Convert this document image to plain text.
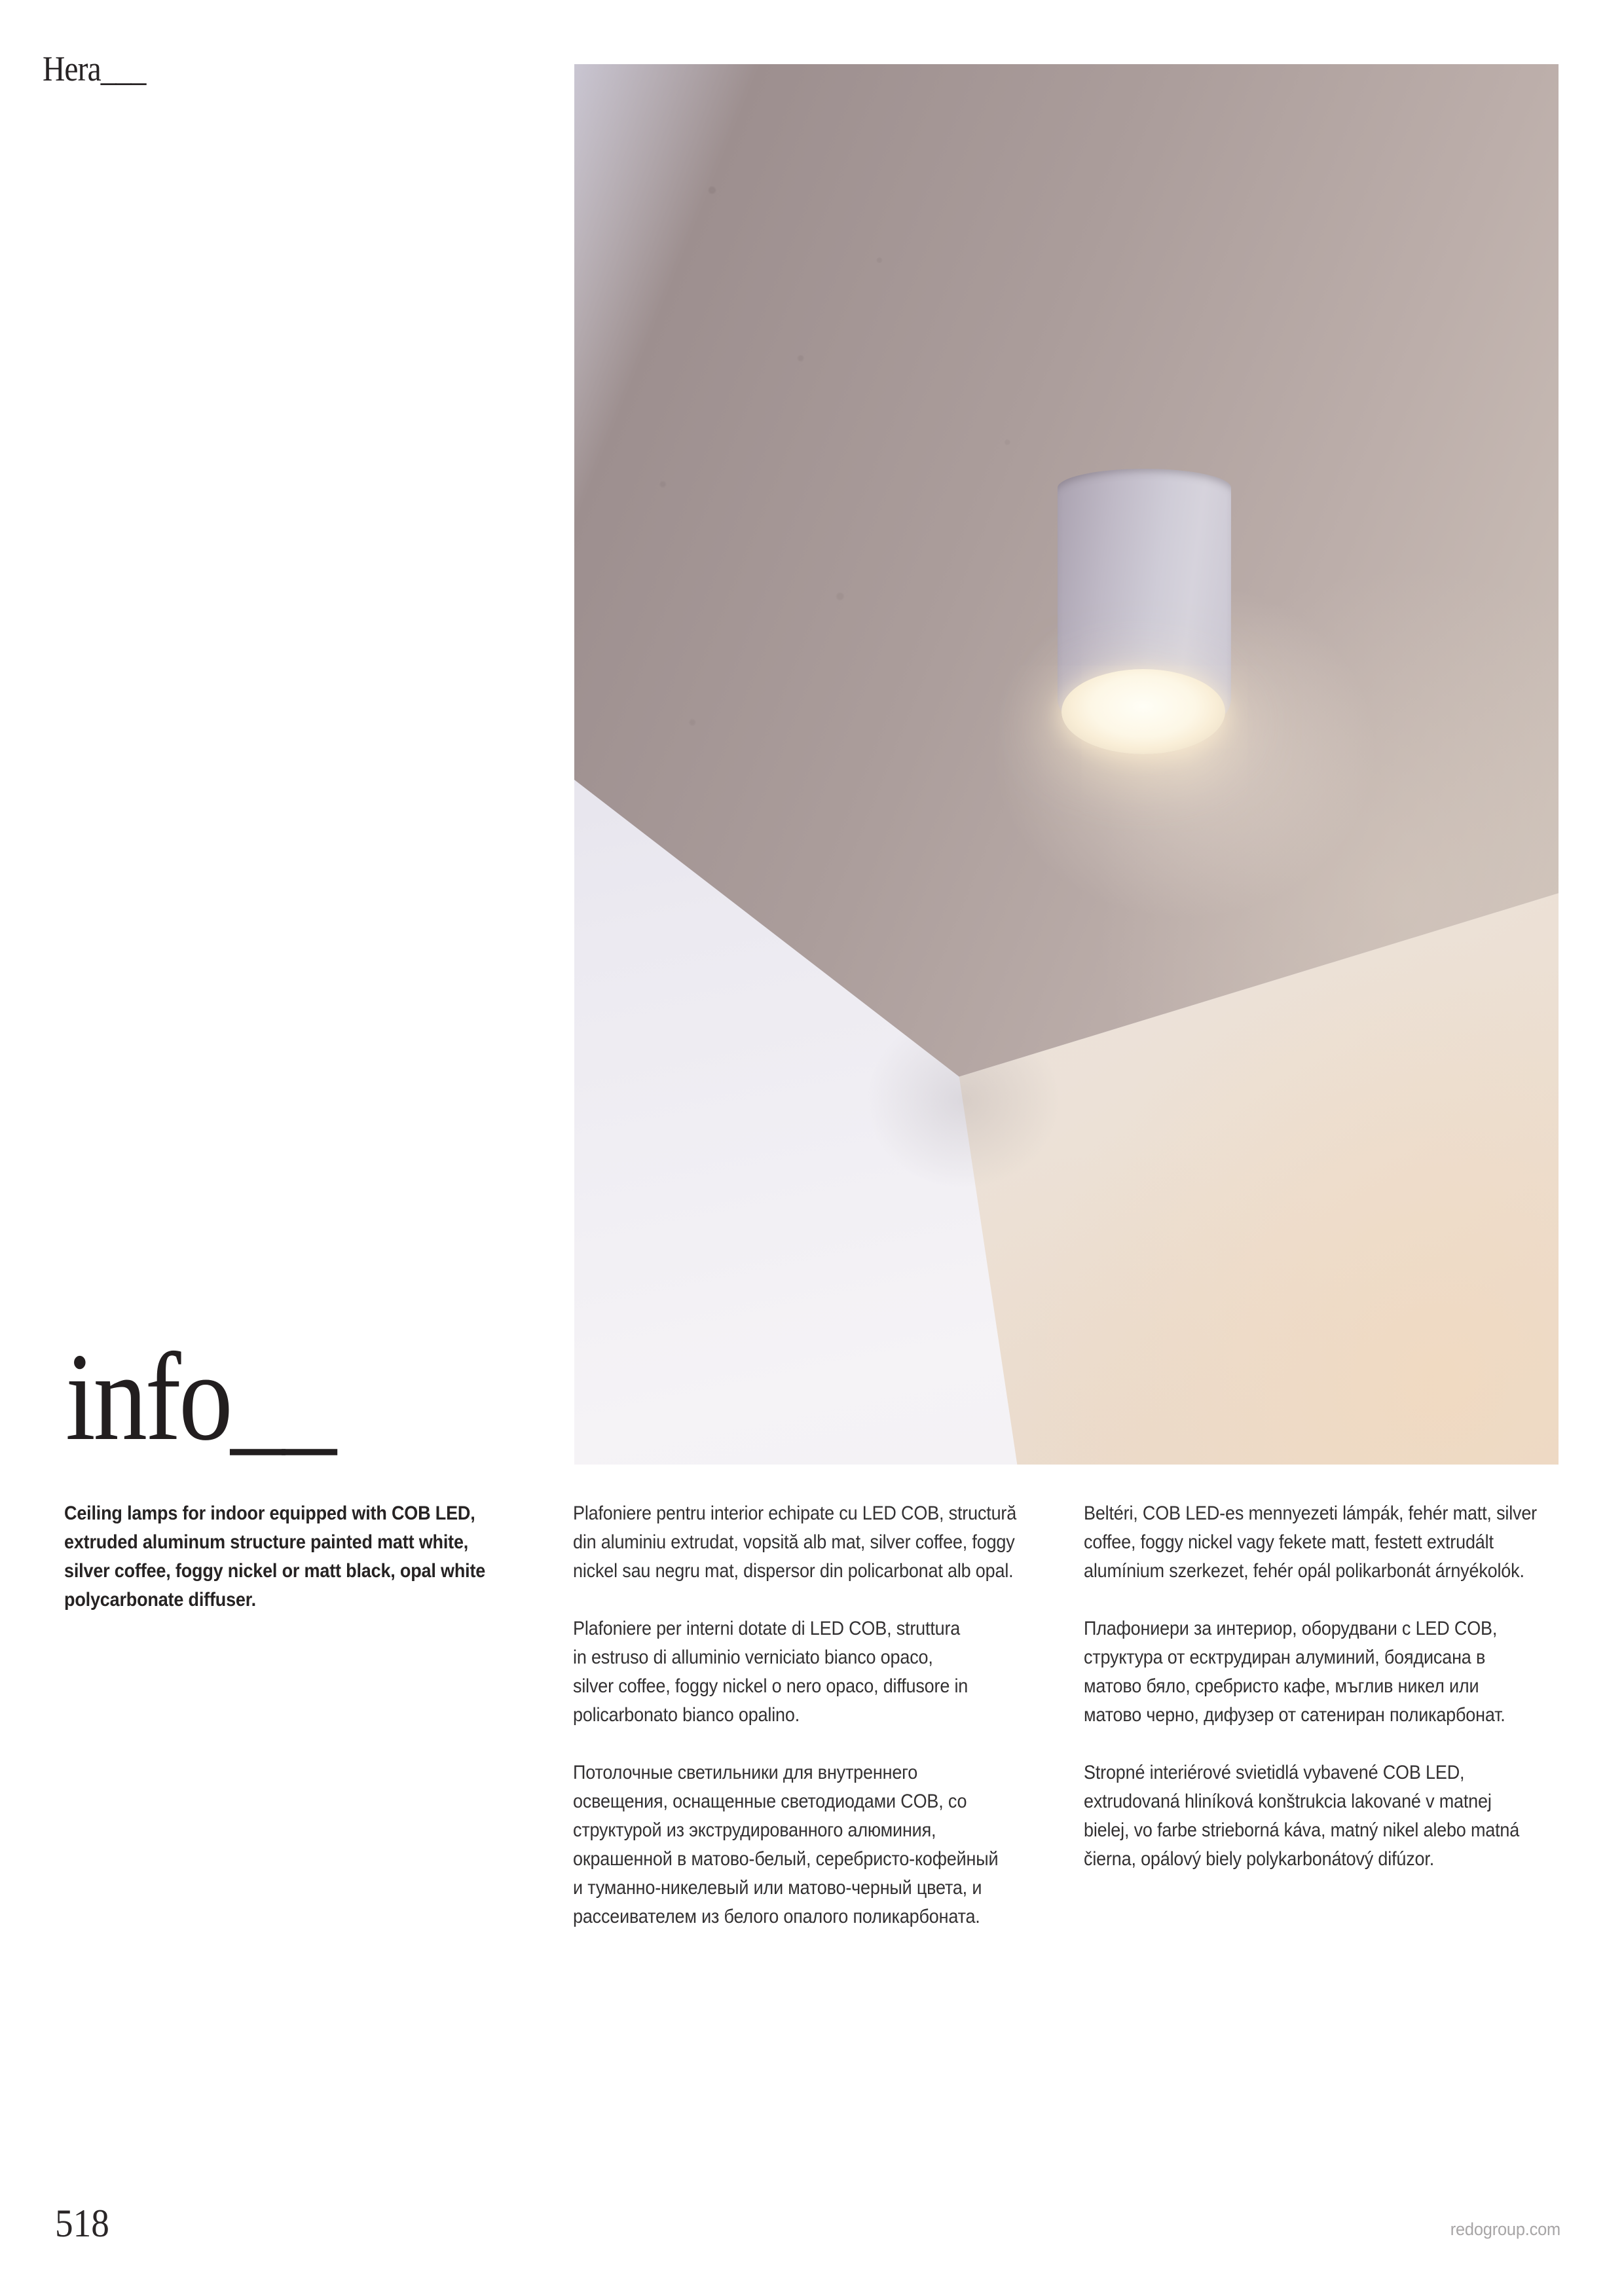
Hera___
info__
Ceiling lamps for indoor equipped with COB LED,
extruded aluminum structure painted matt white,
silver coffee, foggy nickel or matt black, opal white
polycarbonate diffuser.
Plafoniere pentru interior echipate cu LED COB, structură
din aluminiu extrudat, vopsită alb mat, silver coffee, foggy
nickel sau negru mat, dispersor din policarbonat alb opal.
Plafoniere per interni dotate di LED COB, struttura
in estruso di alluminio verniciato bianco opaco,
silver coffee, foggy nickel o nero opaco, diffusore in
policarbonato bianco opalino.
Потолочные светильники для внутреннего
освещения, оснащенные светодиодами COB, со
структурой из экструдированного алюминия,
окрашенной в матово-белый, серебристо-кофейный
и туманно-никелевый или матово-черный цвета, и
рассеивателем из белого опалого поликарбоната.
Beltéri, COB LED-es mennyezeti lámpák, fehér matt, silver
coffee, foggy nickel vagy fekete matt, festett extrudált
alumínium szerkezet, fehér opál polikarbonát árnyékolók.
Плафониери за интериор, оборудвани с LED COB,
структура от есктрудиран алуминий, боядисана в
матово бяло, сребристо кафе, мъглив никел или
матово черно, дифузер от сатениран поликарбонат.
Stropné interiérové svietidlá vybavené COB LED,
extrudovaná hliníková konštrukcia lakované v matnej
bielej, vo farbe strieborná káva, matný nikel alebo matná
čierna, opálový biely polykarbonátový difúzor.
518	redogroup.com
